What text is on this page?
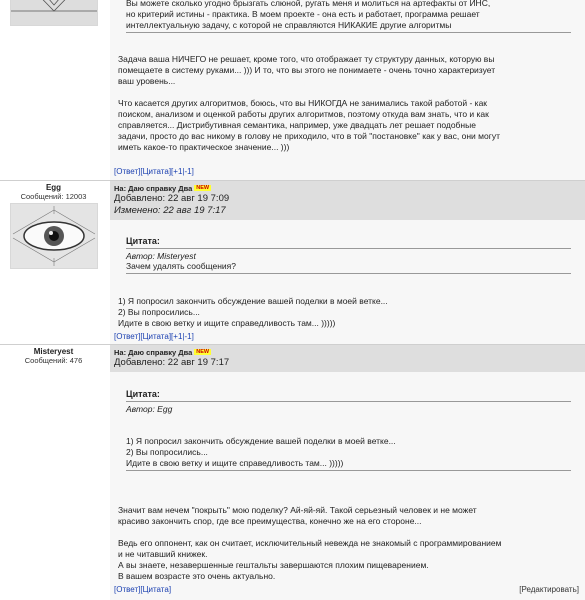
Вы можете сколько угодно брызгать слюной, ругать меня и молиться на артефакты от ИНС,
но критерий истины - практика. В моем проекте - она есть и работает, программа решает
интеллектуальную задачу, с которой не справляются НИКАКИЕ другие алгоритмы
Задача ваша НИЧЕГО не решает, кроме того, что отображает ту структуру данных, которую вы
помещаете в систему руками... ))) И то, что вы этого не понимаете - очень точно характеризует
ваш уровень...
Что касается других алгоритмов, боюсь, что вы НИКОГДА не занимались такой работой - как
поиском, анализом и оценкой работы других алгоритмов, поэтому откуда вам знать, что и как
справляется... Дистрибутивная семантика, например, уже двадцать лет решает подобные
задачи, просто до вас никому в голову не приходило, что в той "постановке" как у вас, они могут
иметь какое-то практическое значение... )))
[Ответ][Цитата][+1|-1]
Egg
Сообщений: 12003
На: Даю справку Два $^{NEW}$
Добавлено: 22 авг 19 7:09
Изменено: 22 авг 19 7:17
Цитата:
Автор: Misteryest
Зачем удалять сообщения?
1) Я попросил закончить обсуждение вашей поделки в моей ветке...
2) Вы попросились...
Идите в свою ветку и ищите справедливость там... )))))
[Ответ][Цитата][+1|-1]
Misteryest
Сообщений: 476
На: Даю справку Два $^{NEW}$
Добавлено: 22 авг 19 7:17
Цитата:
Автор: Egg
1) Я попросил закончить обсуждение вашей поделки в моей ветке...
2) Вы попросились...
Идите в свою ветку и ищите справедливость там... )))))
Значит вам нечем "покрыть" мою поделку? Ай-яй-яй. Такой серьезный человек и не может
красиво закончить спор, где все преимущества, конечно же на его стороне...
Ведь его оппонент, как он считает, исключительный невежда не знакомый с программированием
и не читавший книжек.
А вы знаете, незавершенные гештальты завершаются плохим пищеварением.
В вашем возрасте это очень актуально.
[Ответ][Цитата]	[Редактировать]
